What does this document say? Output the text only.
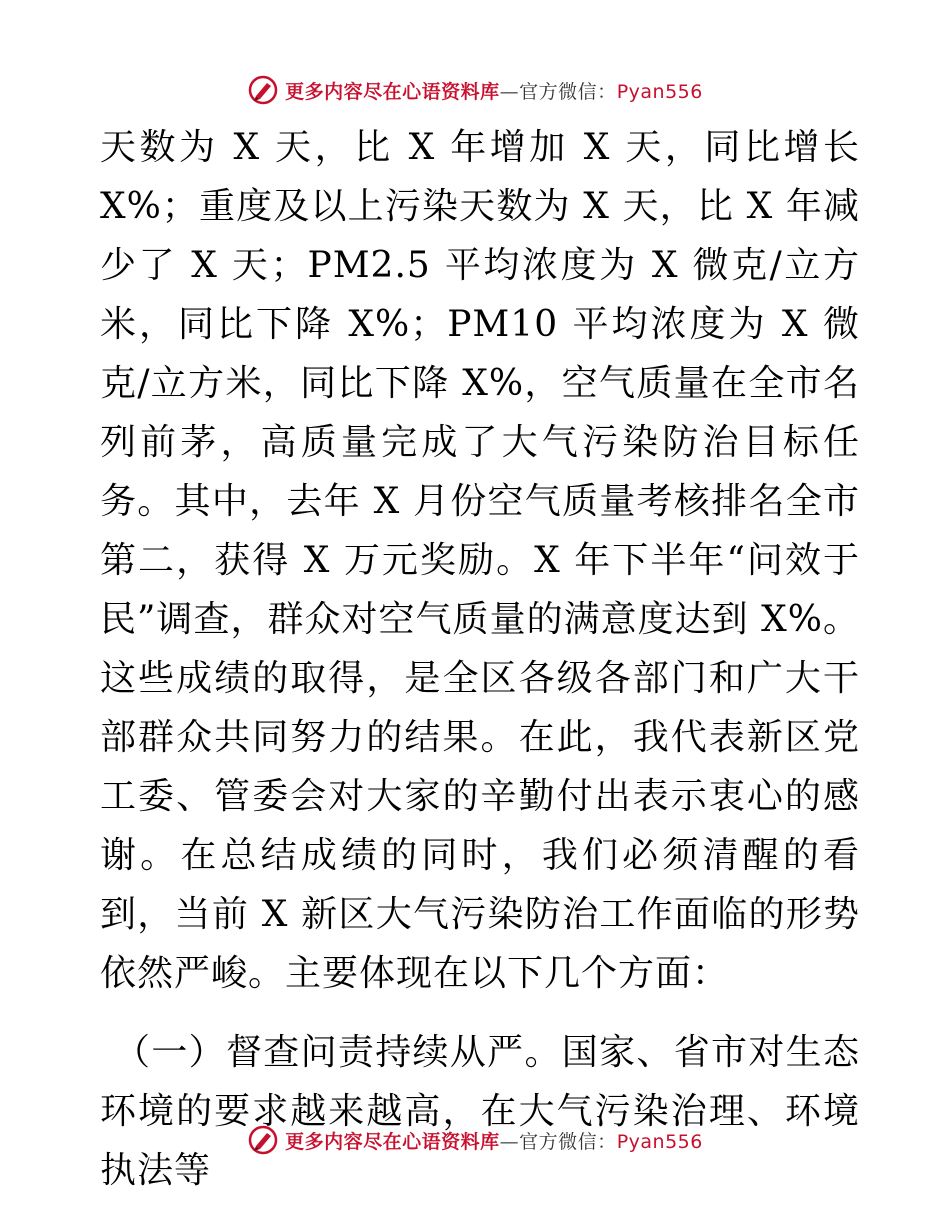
更多内容尽在心语资料库—官方微信：Pyan556

天数为 X 天，比 X 年增加 X 天，同比增长 X%；重度及以上污染天数为 X 天，比 X 年减少了 X 天；PM2.5 平均浓度为 X 微克/立方米，同比下降 X%；PM10 平均浓度为 X 微克/立方米，同比下降 X%，空气质量在全市名列前茅，高质量完成了大气污染防治目标任务。其中，去年 X 月份空气质量考核排名全市第二，获得 X 万元奖励。X 年下半年“问效于民”调查，群众对空气质量的满意度达到 X%。这些成绩的取得，是全区各级各部门和广大干部群众共同努力的结果。在此，我代表新区党工委、管委会对大家的辛勤付出表示衷心的感谢。在总结成绩的同时，我们必须清醒的看到，当前 X 新区大气污染防治工作面临的形势依然严峻。主要体现在以下几个方面：

（一）督查问责持续从严。国家、省市对生态环境的要求越来越高，在大气污染治理、环境执法等

更多内容尽在心语资料库—官方微信：Pyan556
